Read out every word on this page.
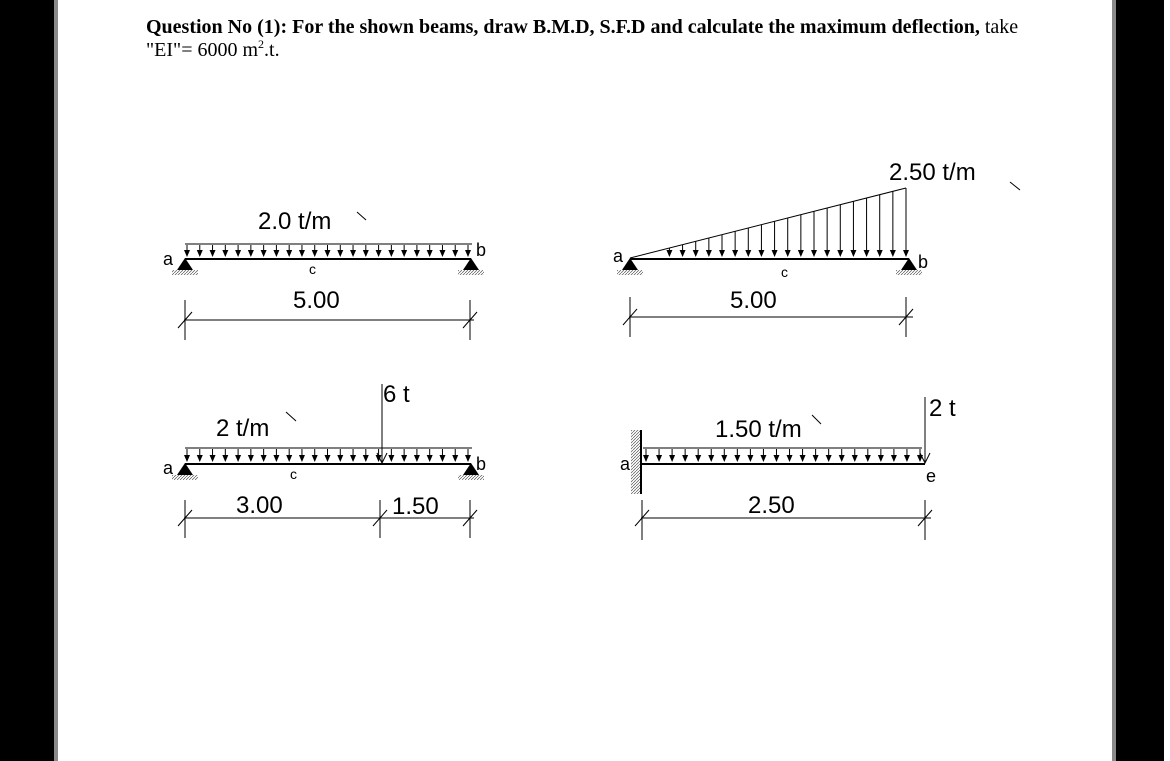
Question No (1): For the shown beams, draw B.M.D, S.F.D and calculate the maximum deflection, take "EI"= 6000 $m^2.t$.
2.0 t/m
a	b
c
5.00
2.50 t/m
a	b
c
5.00
6 t
2 t/m
a	b
c
3.00	1.50
2 t
1.50 t/m
a
e
2.50
